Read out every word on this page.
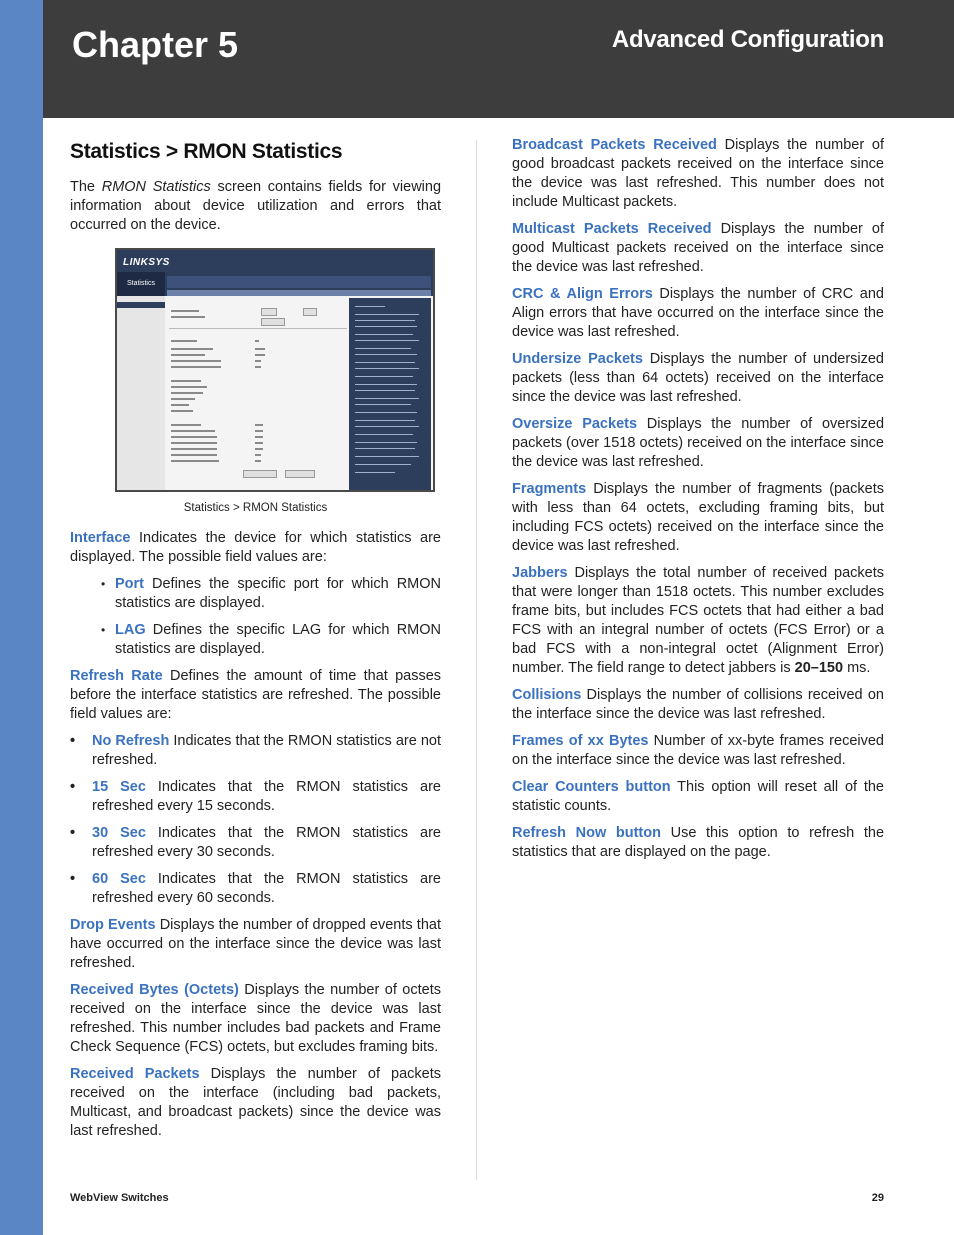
Chapter 5	Advanced Configuration
Statistics > RMON Statistics

The RMON Statistics screen contains fields for viewing information about device utilization and errors that occurred on the device.

LINKSYS
Statistics
Statistics > RMON Statistics

Interface Indicates the device for which statistics are displayed. The possible field values are:

• Port Defines the specific port for which RMON statistics are displayed.
• LAG Defines the specific LAG for which RMON statistics are displayed.

Refresh Rate Defines the amount of time that passes before the interface statistics are refreshed. The possible field values are:

• No Refresh Indicates that the RMON statistics are not refreshed.
• 15 Sec Indicates that the RMON statistics are refreshed every 15 seconds.
• 30 Sec Indicates that the RMON statistics are refreshed every 30 seconds.
• 60 Sec Indicates that the RMON statistics are refreshed every 60 seconds.

Drop Events Displays the number of dropped events that have occurred on the interface since the device was last refreshed.

Received Bytes (Octets) Displays the number of octets received on the interface since the device was last refreshed. This number includes bad packets and Frame Check Sequence (FCS) octets, but excludes framing bits.

Received Packets Displays the number of packets received on the interface (including bad packets, Multicast, and broadcast packets) since the device was last refreshed.

Broadcast Packets Received Displays the number of good broadcast packets received on the interface since the device was last refreshed. This number does not include Multicast packets.

Multicast Packets Received Displays the number of good Multicast packets received on the interface since the device was last refreshed.

CRC & Align Errors Displays the number of CRC and Align errors that have occurred on the interface since the device was last refreshed.

Undersize Packets Displays the number of undersized packets (less than 64 octets) received on the interface since the device was last refreshed.

Oversize Packets Displays the number of oversized packets (over 1518 octets) received on the interface since the device was last refreshed.

Fragments Displays the number of fragments (packets with less than 64 octets, excluding framing bits, but including FCS octets) received on the interface since the device was last refreshed.

Jabbers Displays the total number of received packets that were longer than 1518 octets. This number excludes frame bits, but includes FCS octets that had either a bad FCS with an integral number of octets (FCS Error) or a bad FCS with a non-integral octet (Alignment Error) number. The field range to detect jabbers is 20–150 ms.

Collisions Displays the number of collisions received on the interface since the device was last refreshed.

Frames of xx Bytes Number of xx-byte frames received on the interface since the device was last refreshed.

Clear Counters button This option will reset all of the statistic counts.

Refresh Now button Use this option to refresh the statistics that are displayed on the page.

WebView Switches	29
